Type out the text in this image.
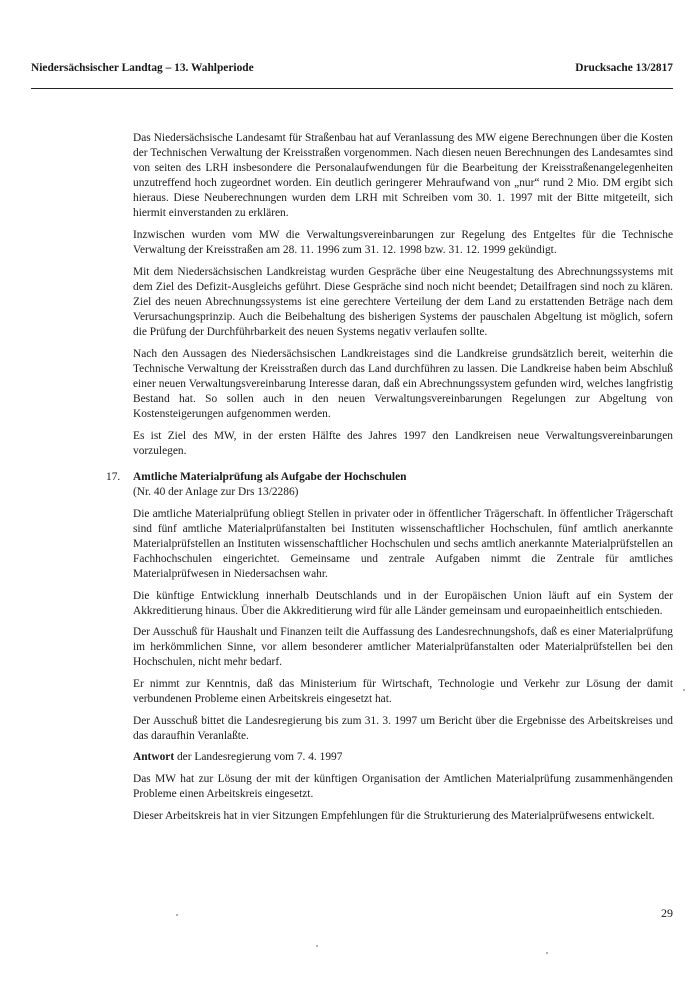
Niedersächsischer Landtag – 13. Wahlperiode	Drucksache 13/2817

Das Niedersächsische Landesamt für Straßenbau hat auf Veranlassung des MW eigene Berechnungen über die Kosten der Technischen Verwaltung der Kreisstraßen vorgenommen. Nach diesen neuen Berechnungen des Landesamtes sind von seiten des LRH insbesondere die Personalaufwendungen für die Bearbeitung der Kreisstraßenangelegenheiten unzutreffend hoch zugeordnet worden. Ein deutlich geringerer Mehraufwand von „nur“ rund 2 Mio. DM ergibt sich hieraus. Diese Neuberechnungen wurden dem LRH mit Schreiben vom 30. 1. 1997 mit der Bitte mitgeteilt, sich hiermit einverstanden zu erklären.

Inzwischen wurden vom MW die Verwaltungsvereinbarungen zur Regelung des Entgeltes für die Technische Verwaltung der Kreisstraßen am 28. 11. 1996 zum 31. 12. 1998 bzw. 31. 12. 1999 gekündigt.

Mit dem Niedersächsischen Landkreistag wurden Gespräche über eine Neugestaltung des Abrechnungssystems mit dem Ziel des Defizit-Ausgleichs geführt. Diese Gespräche sind noch nicht beendet; Detailfragen sind noch zu klären. Ziel des neuen Abrechnungssystems ist eine gerechtere Verteilung der dem Land zu erstattenden Beträge nach dem Verursachungsprinzip. Auch die Beibehaltung des bisherigen Systems der pauschalen Abgeltung ist möglich, sofern die Prüfung der Durchführbarkeit des neuen Systems negativ verlaufen sollte.

Nach den Aussagen des Niedersächsischen Landkreistages sind die Landkreise grundsätzlich bereit, weiterhin die Technische Verwaltung der Kreisstraßen durch das Land durchführen zu lassen. Die Landkreise haben beim Abschluß einer neuen Verwaltungsvereinbarung Interesse daran, daß ein Abrechnungssystem gefunden wird, welches langfristig Bestand hat. So sollen auch in den neuen Verwaltungsvereinbarungen Regelungen zur Abgeltung von Kostensteigerungen aufgenommen werden.

Es ist Ziel des MW, in der ersten Hälfte des Jahres 1997 den Landkreisen neue Verwaltungsvereinbarungen vorzulegen.

17. Amtliche Materialprüfung als Aufgabe der Hochschulen

(Nr. 40 der Anlage zur Drs 13/2286)

Die amtliche Materialprüfung obliegt Stellen in privater oder in öffentlicher Trägerschaft. In öffentlicher Trägerschaft sind fünf amtliche Materialprüfanstalten bei Instituten wissenschaftlicher Hochschulen, fünf amtlich anerkannte Materialprüfstellen an Instituten wissenschaftlicher Hochschulen und sechs amtlich anerkannte Materialprüfstellen an Fachhochschulen eingerichtet. Gemeinsame und zentrale Aufgaben nimmt die Zentrale für amtliches Materialprüfwesen in Niedersachsen wahr.

Die künftige Entwicklung innerhalb Deutschlands und in der Europäischen Union läuft auf ein System der Akkreditierung hinaus. Über die Akkreditierung wird für alle Länder gemeinsam und europaeinheitlich entschieden.

Der Ausschuß für Haushalt und Finanzen teilt die Auffassung des Landesrechnungshofs, daß es einer Materialprüfung im herkömmlichen Sinne, vor allem besonderer amtlicher Materialprüfanstalten oder Materialprüfstellen bei den Hochschulen, nicht mehr bedarf.

Er nimmt zur Kenntnis, daß das Ministerium für Wirtschaft, Technologie und Verkehr zur Lösung der damit verbundenen Probleme einen Arbeitskreis eingesetzt hat.

Der Ausschuß bittet die Landesregierung bis zum 31. 3. 1997 um Bericht über die Ergebnisse des Arbeitskreises und das daraufhin Veranlaßte.

Antwort der Landesregierung vom 7. 4. 1997

Das MW hat zur Lösung der mit der künftigen Organisation der Amtlichen Materialprüfung zusammenhängenden Probleme einen Arbeitskreis eingesetzt.

Dieser Arbeitskreis hat in vier Sitzungen Empfehlungen für die Strukturierung des Materialprüfwesens entwickelt.

29
